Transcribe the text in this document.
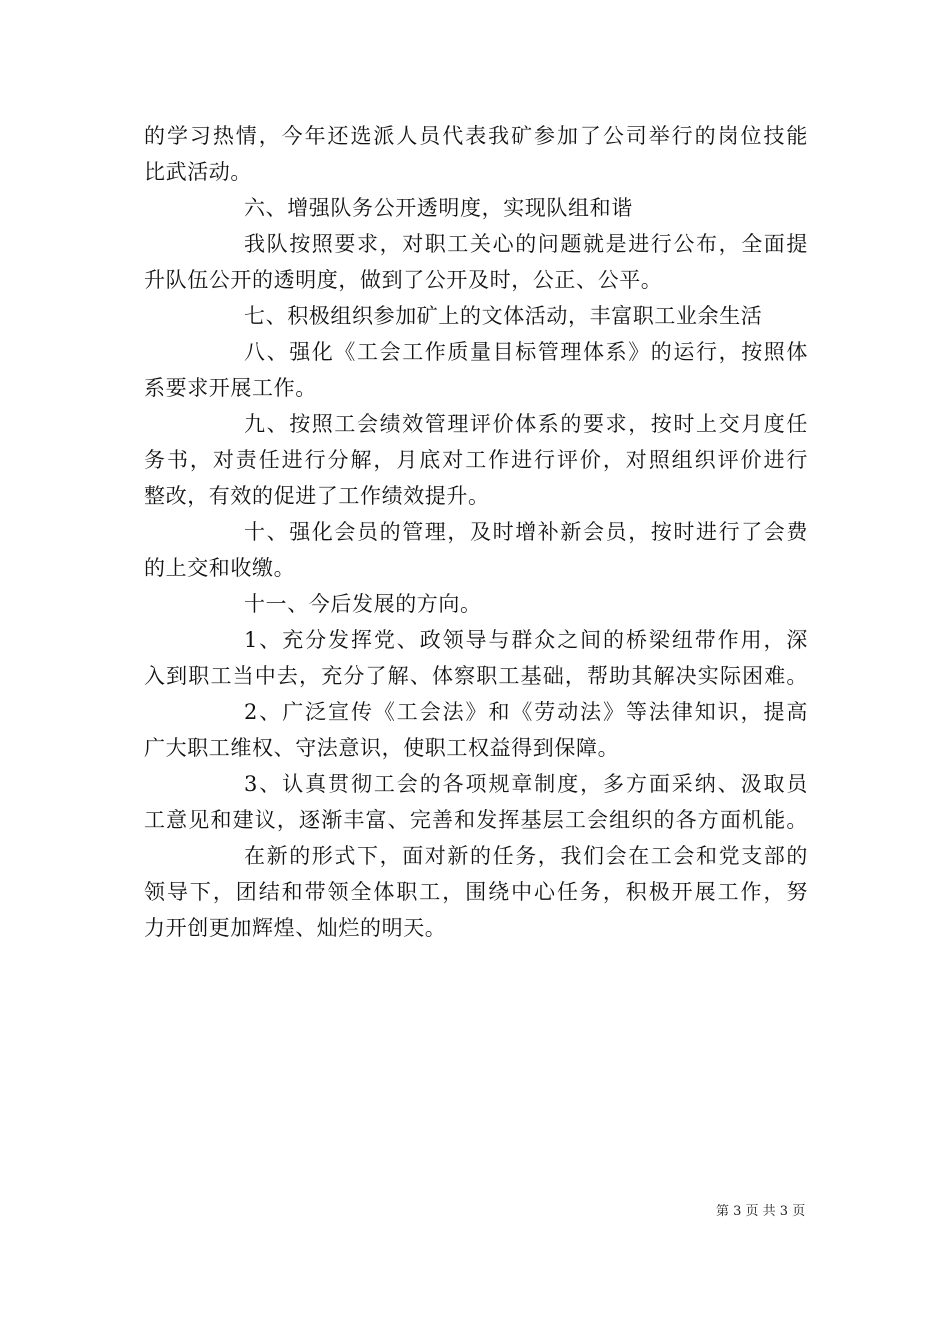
的学习热情，今年还选派人员代表我矿参加了公司举行的岗位技能
比武活动。
六、增强队务公开透明度，实现队组和谐
我队按照要求，对职工关心的问题就是进行公布，全面提
升队伍公开的透明度，做到了公开及时，公正、公平。
七、积极组织参加矿上的文体活动，丰富职工业余生活
八、强化《工会工作质量目标管理体系》的运行，按照体
系要求开展工作。
九、按照工会绩效管理评价体系的要求，按时上交月度任
务书，对责任进行分解，月底对工作进行评价，对照组织评价进行
整改，有效的促进了工作绩效提升。
十、强化会员的管理，及时增补新会员，按时进行了会费
的上交和收缴。
十一、今后发展的方向。
1、充分发挥党、政领导与群众之间的桥梁纽带作用，深
入到职工当中去，充分了解、体察职工基础，帮助其解决实际困难。
2、广泛宣传《工会法》和《劳动法》等法律知识，提高
广大职工维权、守法意识，使职工权益得到保障。
3、认真贯彻工会的各项规章制度，多方面采纳、汲取员
工意见和建议，逐渐丰富、完善和发挥基层工会组织的各方面机能。
在新的形式下，面对新的任务，我们会在工会和党支部的
领导下，团结和带领全体职工，围绕中心任务，积极开展工作，努
力开创更加辉煌、灿烂的明天。
第 3 页 共 3 页
